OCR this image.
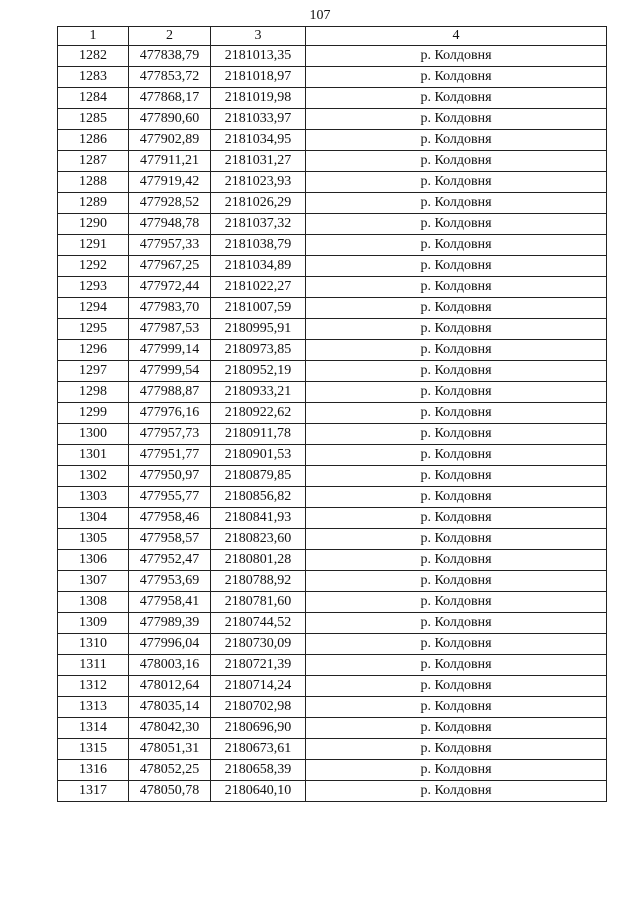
107
1	2	3	4
1282	477838,79	2181013,35	р. Колдовня
1283	477853,72	2181018,97	р. Колдовня
1284	477868,17	2181019,98	р. Колдовня
1285	477890,60	2181033,97	р. Колдовня
1286	477902,89	2181034,95	р. Колдовня
1287	477911,21	2181031,27	р. Колдовня
1288	477919,42	2181023,93	р. Колдовня
1289	477928,52	2181026,29	р. Колдовня
1290	477948,78	2181037,32	р. Колдовня
1291	477957,33	2181038,79	р. Колдовня
1292	477967,25	2181034,89	р. Колдовня
1293	477972,44	2181022,27	р. Колдовня
1294	477983,70	2181007,59	р. Колдовня
1295	477987,53	2180995,91	р. Колдовня
1296	477999,14	2180973,85	р. Колдовня
1297	477999,54	2180952,19	р. Колдовня
1298	477988,87	2180933,21	р. Колдовня
1299	477976,16	2180922,62	р. Колдовня
1300	477957,73	2180911,78	р. Колдовня
1301	477951,77	2180901,53	р. Колдовня
1302	477950,97	2180879,85	р. Колдовня
1303	477955,77	2180856,82	р. Колдовня
1304	477958,46	2180841,93	р. Колдовня
1305	477958,57	2180823,60	р. Колдовня
1306	477952,47	2180801,28	р. Колдовня
1307	477953,69	2180788,92	р. Колдовня
1308	477958,41	2180781,60	р. Колдовня
1309	477989,39	2180744,52	р. Колдовня
1310	477996,04	2180730,09	р. Колдовня
1311	478003,16	2180721,39	р. Колдовня
1312	478012,64	2180714,24	р. Колдовня
1313	478035,14	2180702,98	р. Колдовня
1314	478042,30	2180696,90	р. Колдовня
1315	478051,31	2180673,61	р. Колдовня
1316	478052,25	2180658,39	р. Колдовня
1317	478050,78	2180640,10	р. Колдовня
